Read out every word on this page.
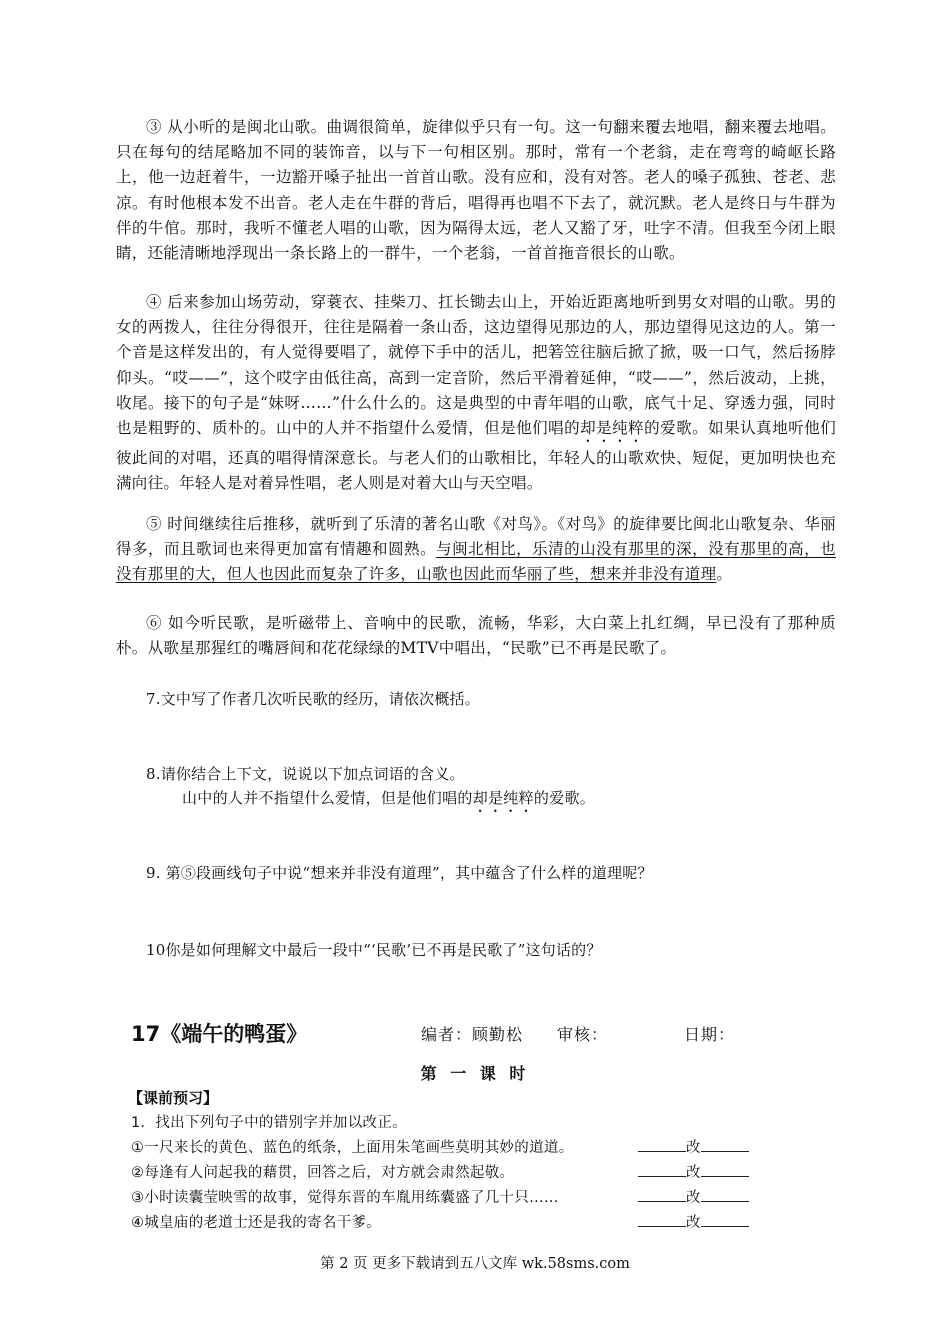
③ 从小听的是闽北山歌。曲调很简单，旋律似乎只有一句。这一句翻来覆去地唱，翻来覆去地唱。只在每句的结尾略加不同的装饰音，以与下一句相区别。那时，常有一个老翁，走在弯弯的崎岖长路上，他一边赶着牛，一边豁开嗓子扯出一首首山歌。没有应和，没有对答。老人的嗓子孤独、苍老、悲凉。有时他根本发不出音。老人走在牛群的背后，唱得再也唱不下去了，就沉默。老人是终日与牛群为伴的牛倌。那时，我听不懂老人唱的山歌，因为隔得太远，老人又豁了牙，吐字不清。但我至今闭上眼睛，还能清晰地浮现出一条长路上的一群牛，一个老翁，一首首拖音很长的山歌。

④ 后来参加山场劳动，穿蓑衣、挂柴刀、扛长锄去山上，开始近距离地听到男女对唱的山歌。男的女的两拨人，往往分得很开，往往是隔着一条山岙，这边望得见那边的人，那边望得见这边的人。第一个音是这样发出的，有人觉得要唱了，就停下手中的活儿，把箬笠往脑后掀了掀，吸一口气，然后扬脖仰头。“哎——”，这个哎字由低往高，高到一定音阶，然后平滑着延伸，“哎——”，然后波动，上挑，收尾。接下的句子是“妹呀……”什么什么的。这是典型的中青年唱的山歌，底气十足、穿透力强，同时也是粗野的、质朴的。山中的人并不指望什么爱情，但是他们唱的却是纯粹的爱歌。如果认真地听他们彼此间的对唱，还真的唱得情深意长。与老人们的山歌相比，年轻人的山歌欢快、短促，更加明快也充满向往。年轻人是对着异性唱，老人则是对着大山与天空唱。

⑤ 时间继续往后推移，就听到了乐清的著名山歌《对鸟》。《对鸟》的旋律要比闽北山歌复杂、华丽得多，而且歌词也来得更加富有情趣和圆熟。与闽北相比，乐清的山没有那里的深，没有那里的高，也没有那里的大，但人也因此而复杂了许多，山歌也因此而华丽了些，想来并非没有道理。

⑥ 如今听民歌，是听磁带上、音响中的民歌，流畅，华彩，大白菜上扎红绸，早已没有了那种质朴。从歌星那猩红的嘴唇间和花花绿绿的MTV中唱出，“民歌”已不再是民歌了。

7.文中写了作者几次听民歌的经历，请依次概括。

8.请你结合上下文，说说以下加点词语的含义。

山中的人并不指望什么爱情，但是他们唱的却是纯粹的爱歌。

9. 第⑤段画线句子中说“想来并非没有道理”，其中蕴含了什么样的道理呢？

10你是如何理解文中最后一段中“‘民歌’已不再是民歌了”这句话的？

17《端午的鸭蛋》	编者：顾勤松 审核：	日期：
第 一 课 时
【课前预习】
1．找出下列句子中的错别字并加以改正。
①一尺来长的黄色、蓝色的纸条，上面用朱笔画些莫明其妙的道道。	改
②每逢有人问起我的藉贯，回答之后，对方就会肃然起敬。	改
③小时读囊莹映雪的故事，觉得东晋的车胤用练囊盛了几十只……	改
④城皇庙的老道士还是我的寄名干爹。	改
第 2 页 更多下载请到五八文库 wk.58sms.com
